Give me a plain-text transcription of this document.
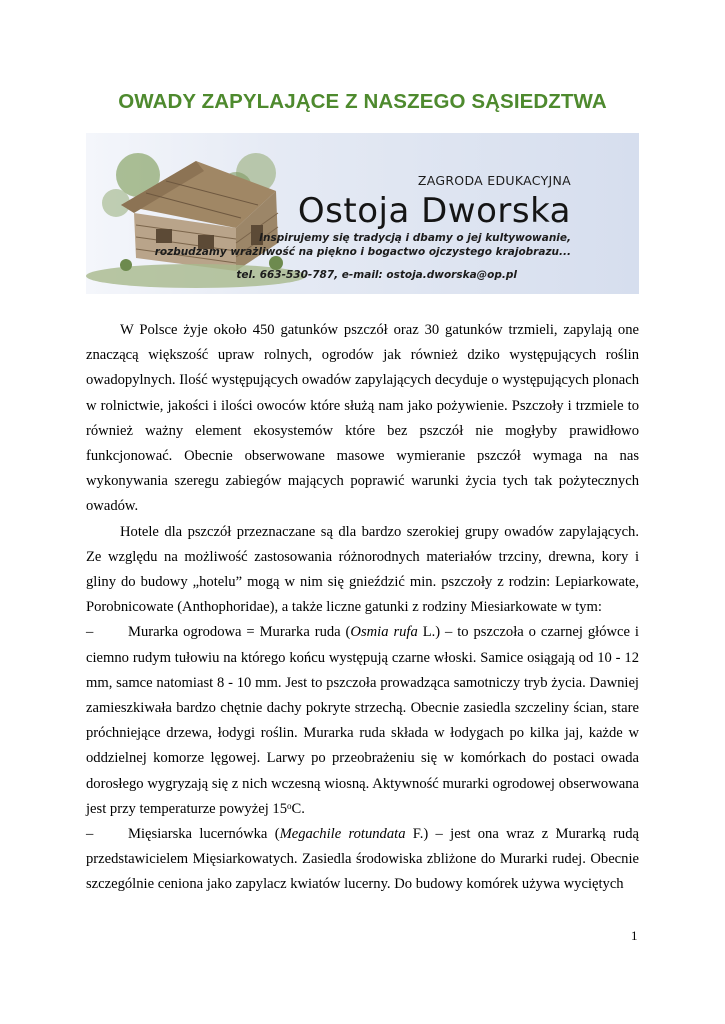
OWADY ZAPYLAJĄCE Z NASZEGO SĄSIEDZTWA
ZAGRODA EDUKACYJNA
Ostoja Dworska
Inspirujemy się tradycją i dbamy o jej kultywowanie,
rozbudzamy wrażliwość na piękno i bogactwo ojczystego krajobrazu...
tel. 663-530-787, e-mail: ostoja.dworska@op.pl

W Polsce żyje około 450 gatunków pszczół oraz 30 gatunków trzmieli, zapylają one znaczącą większość upraw rolnych, ogrodów jak również dziko występujących roślin owadopylnych. Ilość występujących owadów zapylających decyduje o występujących plonach w rolnictwie, jakości i ilości owoców które służą nam jako pożywienie. Pszczoły i trzmiele to również ważny element ekosystemów które bez pszczół nie mogłyby prawidłowo funkcjonować. Obecnie obserwowane masowe wymieranie pszczół wymaga na nas wykonywania szeregu zabiegów mających poprawić warunki życia tych tak pożytecznych owadów.

Hotele dla pszczół przeznaczane są dla bardzo szerokiej grupy owadów zapylających. Ze względu na możliwość zastosowania różnorodnych materiałów trzciny, drewna, kory i gliny do budowy „hotelu” mogą w nim się gnieździć min. pszczoły z rodzin: Lepiarkowate, Porobnicowate (Anthophoridae), a także liczne gatunki z rodziny Miesiarkowate w tym:

– Murarka ogrodowa = Murarka ruda (Osmia rufa L.) – to pszczoła o czarnej główce i ciemno rudym tułowiu na którego końcu występują czarne włoski. Samice osiągają od 10 - 12 mm, samce natomiast 8 - 10 mm. Jest to pszczoła prowadząca samotniczy tryb życia. Dawniej zamieszkiwała bardzo chętnie dachy pokryte strzechą. Obecnie zasiedla szczeliny ścian, stare próchniejące drzewa, łodygi roślin. Murarka ruda składa w łodygach po kilka jaj, każde w oddzielnej komorze lęgowej. Larwy po przeobrażeniu się w komórkach do postaci owada dorosłego wygryzają się z nich wczesną wiosną. Aktywność murarki ogrodowej obserwowana jest przy temperaturze powyżej 15$^o$C.

– Mięsiarska lucernówka (Megachile rotundata F.) – jest ona wraz z Murarką rudą przedstawicielem Mięsiarkowatych. Zasiedla środowiska zbliżone do Murarki rudej. Obecnie szczególnie ceniona jako zapylacz kwiatów lucerny. Do budowy komórek używa wyciętych

1
